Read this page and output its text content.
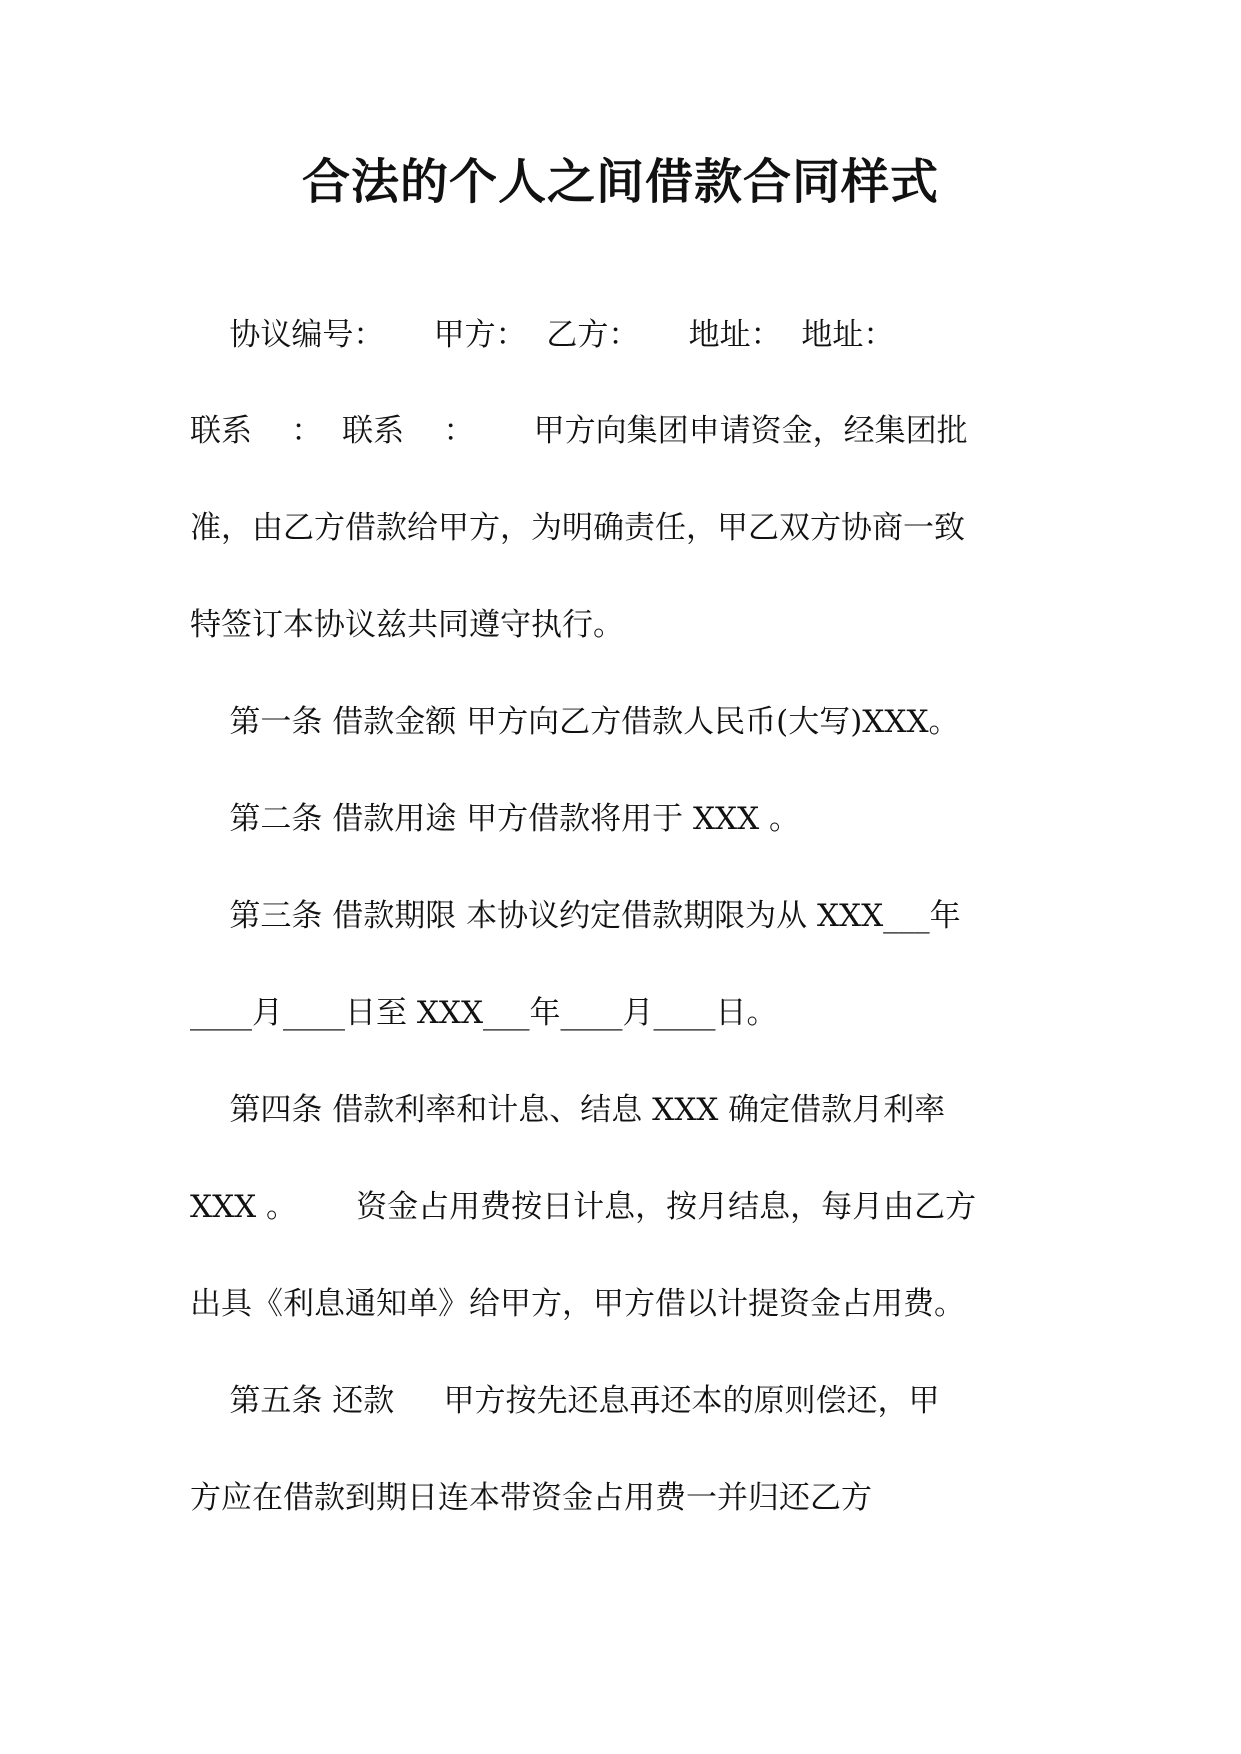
合法的个人之间借款合同样式
协议编号：     甲方：  乙方：     地址：  地址：
联系    ：  联系    ：      甲方向集团申请资金，经集团批
准，由乙方借款给甲方，为明确责任，甲乙双方协商一致
特签订本协议兹共同遵守执行。
第一条 借款金额 甲方向乙方借款人民币(大写)XXX。
第二条 借款用途 甲方借款将用于 XXX 。
第三条 借款期限 本协议约定借款期限为从 XXX___年
____月____日至 XXX___年____月____日。
第四条 借款利率和计息、结息 XXX 确定借款月利率
XXX 。      资金占用费按日计息，按月结息，每月由乙方
出具《利息通知单》给甲方，甲方借以计提资金占用费。
第五条 还款     甲方按先还息再还本的原则偿还，甲
方应在借款到期日连本带资金占用费一并归还乙方
